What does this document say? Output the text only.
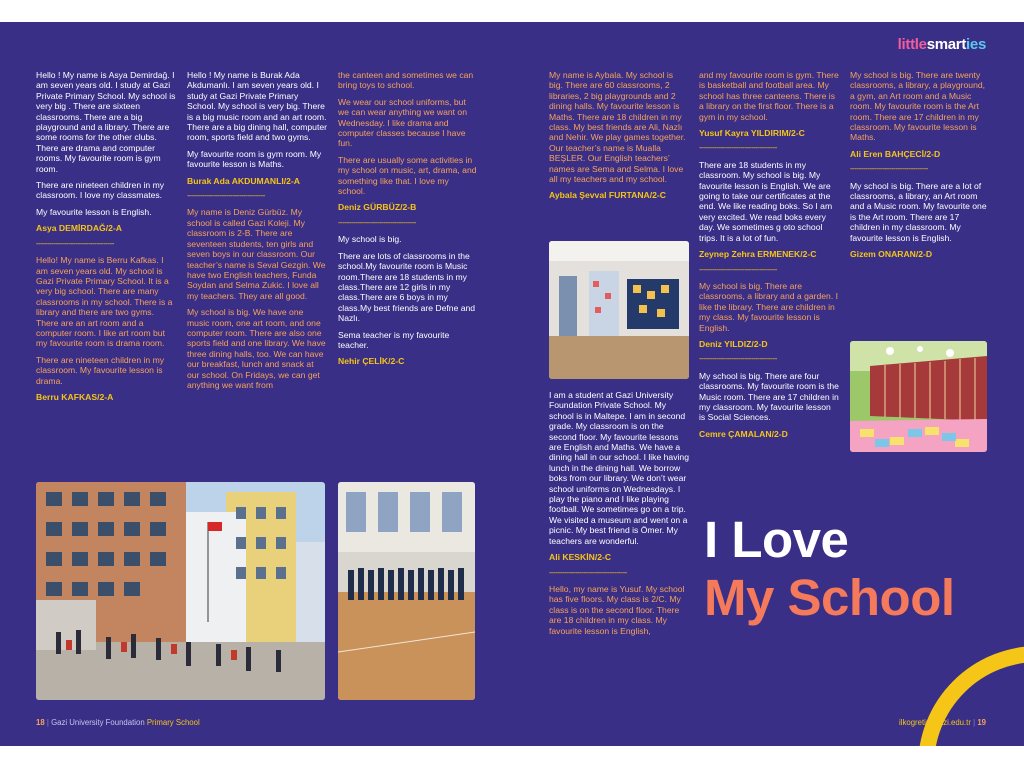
littlesmarties

Hello ! My name is Asya Demirdağ. I am seven years old. I study at Gazi Private Primary School. My school is very big . There are sixteen classrooms. There are a big playground and a library. There are some rooms for the other clubs. There are drama and computer rooms. My favourite room is gym room.

There are nineteen children in my classroom. I love my classmates.

My favourite lesson is English.

Asya DEMİRDAĞ/2-A
------------------------------------

Hello! My name is Berru Kafkas. I am seven years old. My school is Gazi Private Primary School. It is a very big school. There are many classrooms in my school. There is a library and there are two gyms. There are an art room and a computer room. I like art room but my favourite room is drama room.

There are nineteen children in my classroom. My favourite lesson is drama.

Berru KAFKAS/2-A

Hello ! My name is Burak Ada Akdumanlı. I am seven years old. I study at Gazi Private Primary School. My school is very big. There is a big music room and an art room. There are a big dining hall, computer room, sports field and two gyms.

My favourite room is gym room. My favourite lesson is Maths.

Burak Ada AKDUMANLI/2-A
------------------------------------

My name is Deniz Gürbüz. My school is called Gazi Koleji. My classroom is 2-B. There are seventeen students, ten girls and seven boys in our classroom. Our teacher’s name is Seval Gezgin. We have two English teachers, Funda Soydan and Selma Zukic. I love all my teachers. They are all good.

My school is big. We have one music room, one art room, and one computer room. There are also one sports field and one library. We have three dining halls, too. We can have our breakfast, lunch and snack at our school. On Fridays, we can get anything we want from

the canteen and sometimes we can bring toys to school.

We wear our school uniforms, but we can wear anything we want on Wednesday. I like drama and computer classes because I have fun.

There are usually some activities in my school on music, art, drama, and something like that. I love my school.

Deniz GÜRBÜZ/2-B
------------------------------------

My school is big.

There are lots of classrooms in the school.My favourite room is Music room.There are 18 students in my class.There are 12 girls in my class.There are 6 boys in my class.My best friends are Defne and Nazlı.

Sema teacher is my favourite teacher.

Nehir ÇELİK/2-C

My name is Aybala. My school is big. There are 60 classrooms, 2 libraries, 2 big playgrounds and 2 dining halls. My favourite lesson is Maths. There are 18 children in my class. My best friends are Ali, Nazlı and Nehir. We play games together. Our teacher’s name is Mualla BEŞLER. Our English teachers’ names are Sema and Selma. I love all my teachers and my school.

Aybala Şevval FURTANA/2-C

I am a student at Gazi University Foundation Private School. My school is in Maltepe. I am in second grade. My classroom is on the second floor. My favourite lessons are English and Maths. We have a dining hall in our school. I like having lunch in the dining hall. We borrow boks from our library. We don’t wear school uniforms on Wednesdays. I play the piano and I like playing football. We sometimes go on a trip. We visited a museum and went on a picnic. My best friend is Ömer. My teachers are wonderful.

Ali KESKİN/2-C
------------------------------------

Hello, my name is Yusuf. My school has five floors. My class is 2/C. My class is on the second floor. There are 18 children in my class. My favourite lesson is English,

and my favourite room is gym. There is basketball and football area. My school has three canteens. There is a library on the first floor. There is a gym in my school.

Yusuf Kayra YILDIRIM/2-C
------------------------------------

There are 18 students in my classroom. My school is big. My favourite lesson is English. We are going to take our certificates at the end. We like reading boks. So I am very excited. We read boks every day. We sometimes g oto school trips. It is a lot of fun.

Zeynep Zehra ERMENEK/2-C
------------------------------------

My school is big. There are classrooms, a library and a garden. I like the library. There are children in my class. My favourite lesson is English.

Deniz YILDIZ/2-D
------------------------------------

My school is big. There are four classrooms. My favourite room is the Music room. There are 17 children in my classroom. My favourite lesson is Social Sciences.

Cemre ÇAMALAN/2-D

My school is big. There are twenty classrooms, a library, a playground, a gym, an Art room and a Music room. My favourite room is the Art room. There are 17 children in my classroom. My favourite lesson is Maths.

Ali Eren BAHÇECİ/2-D
------------------------------------

My school is big. There are a lot of classrooms, a library, an Art room and a Music room. My favourite one is the Art room. There are 17 children in my classroom. My favourite lesson is English.

Gizem ONARAN/2-D
I Love
My School
18 | Gazi University Foundation Primary School	ilkogretim.gazi.edu.tr | 19
